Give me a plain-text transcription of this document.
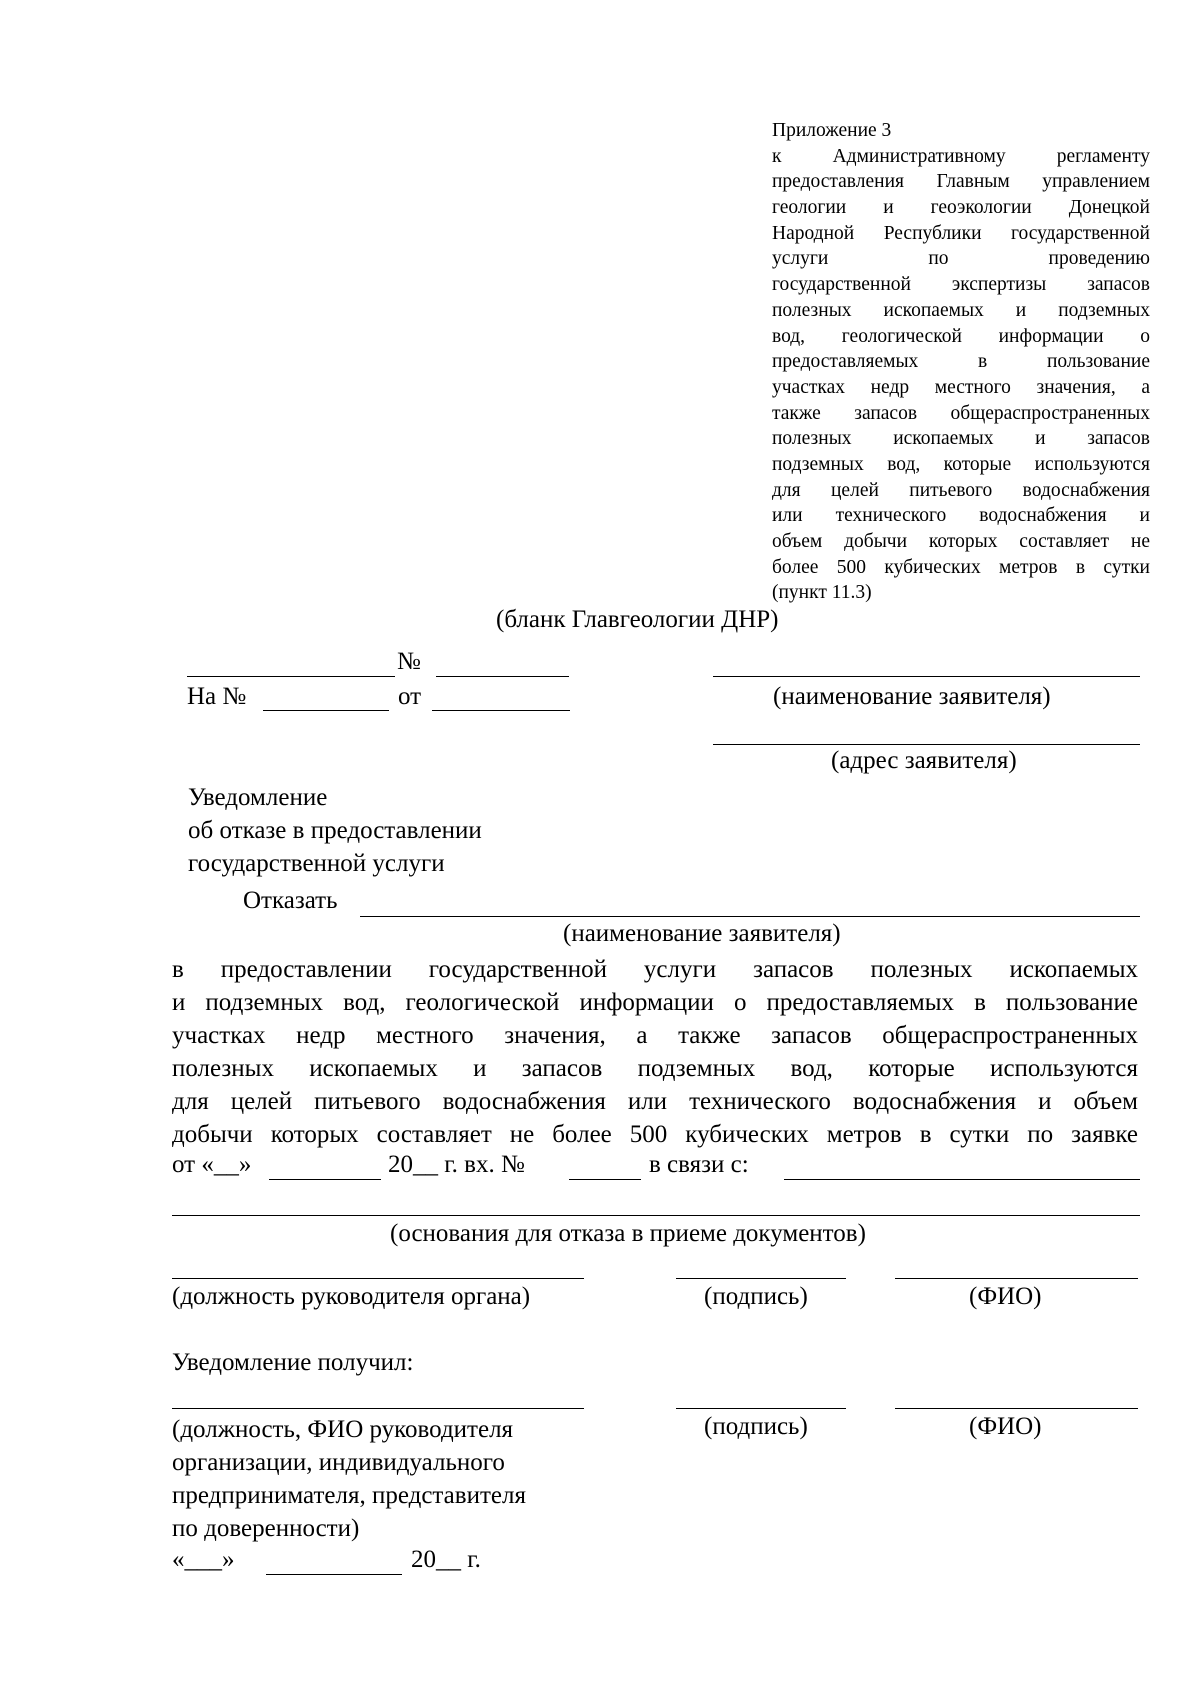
Приложение 3
к Административному регламенту
предоставления Главным управлением
геологии и геоэкологии Донецкой
Народной Республики государственной
услуги по проведению
государственной экспертизы запасов
полезных ископаемых и подземных
вод, геологической информации о
предоставляемых в пользование
участках недр местного значения, а
также запасов общераспространенных
полезных ископаемых и запасов
подземных вод, которые используются
для целей питьевого водоснабжения
или технического водоснабжения и
объем добычи которых составляет не
более 500 кубических метров в сутки
(пункт 11.3)
(бланк Главгеологии ДНР)
№
На №	от	(наименование заявителя)
(адрес заявителя)
Уведомление
об отказе в предоставлении
государственной услуги
Отказать
(наименование заявителя)
в предоставлении государственной услуги запасов полезных ископаемых
и подземных вод, геологической информации о предоставляемых в пользование
участках недр местного значения, а также запасов общераспространенных
полезных ископаемых и запасов подземных вод, которые используются
для целей питьевого водоснабжения или технического водоснабжения и объем
добычи которых составляет не более 500 кубических метров в сутки по заявке
от «__»	20__ г. вх. №	в связи с:
(основания для отказа в приеме документов)
(должность руководителя органа)	(подпись)	(ФИО)
Уведомление получил:
(должность, ФИО руководителя
организации, индивидуального
предпринимателя, представителя
по доверенности)
(подпись)	(ФИО)
«___»	20__ г.
